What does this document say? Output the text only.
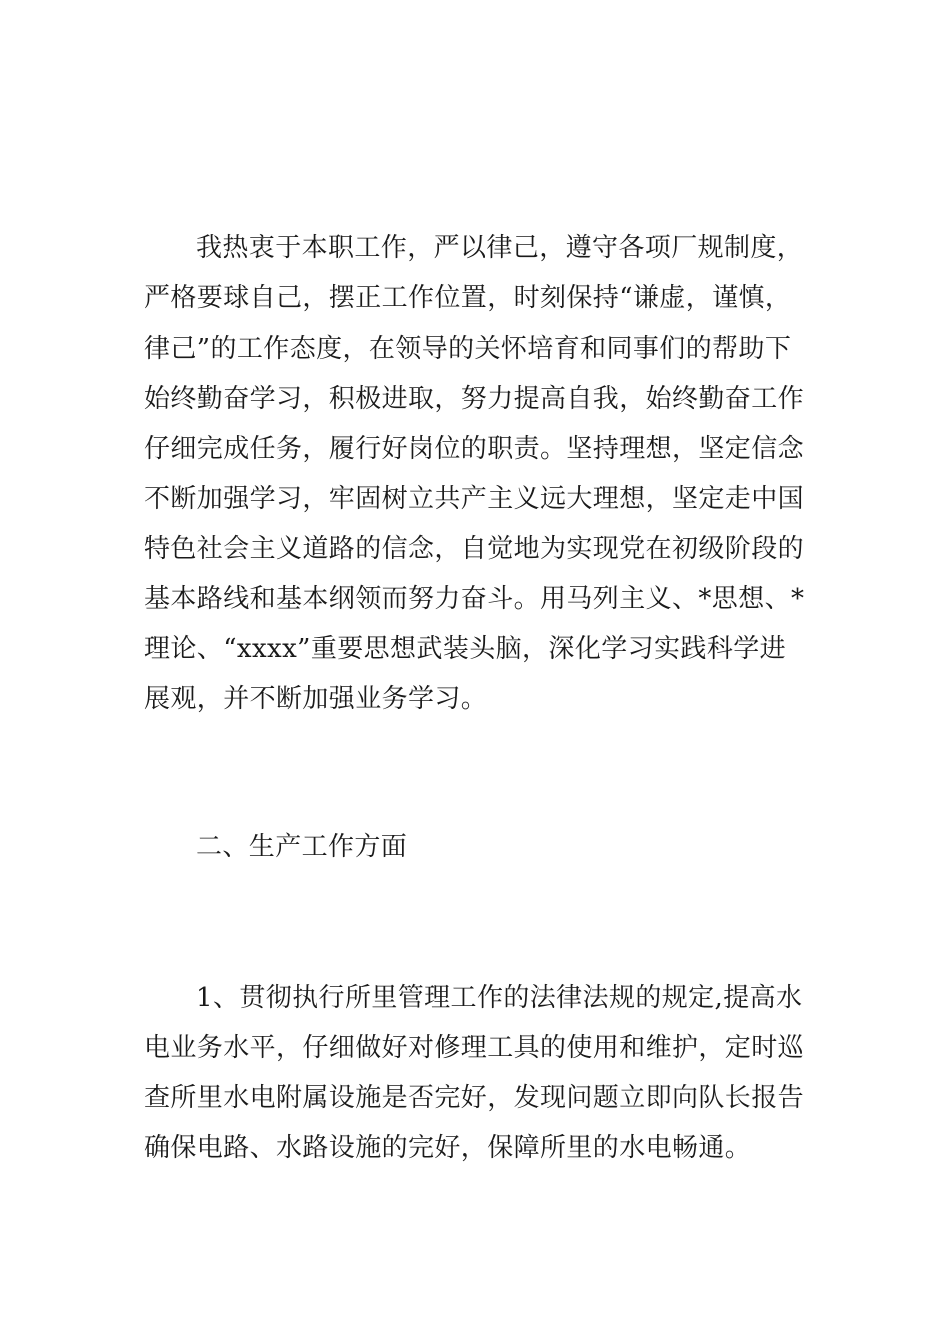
我热衷于本职工作，严以律己，遵守各项厂规制度，
严格要球自己，摆正工作位置，时刻保持“谦虚，谨慎，
律己”的工作态度，在领导的关怀培育和同事们的帮助下
始终勤奋学习，积极进取，努力提高自我，始终勤奋工作
仔细完成任务，履行好岗位的职责。坚持理想，坚定信念
不断加强学习，牢固树立共产主义远大理想，坚定走中国
特色社会主义道路的信念，自觉地为实现党在初级阶段的
基本路线和基本纲领而努力奋斗。用马列主义、*思想、*
理论、“xxxx”重要思想武装头脑，深化学习实践科学进
展观，并不断加强业务学习。
二、生产工作方面
1、贯彻执行所里管理工作的法律法规的规定,提高水
电业务水平，仔细做好对修理工具的使用和维护，定时巡
查所里水电附属设施是否完好，发现问题立即向队长报告
确保电路、水路设施的完好，保障所里的水电畅通。
